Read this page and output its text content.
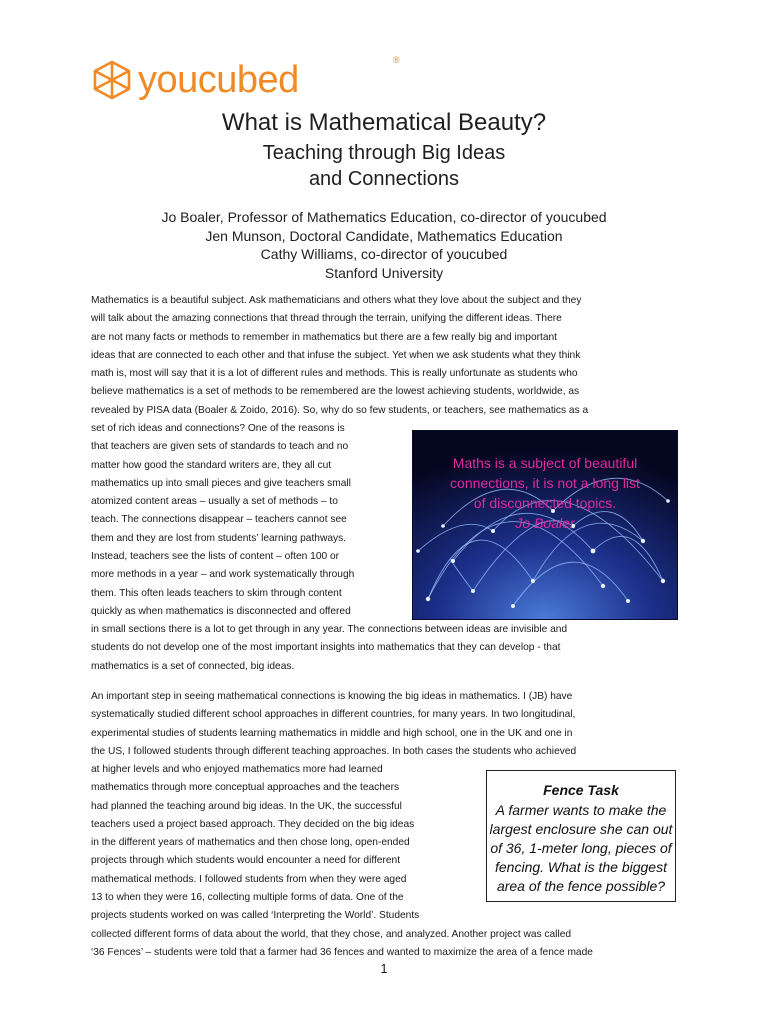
youcubed	®
What is Mathematical Beauty?
Teaching through Big Ideas
and Connections
Jo Boaler, Professor of Mathematics Education, co-director of youcubed
Jen Munson, Doctoral Candidate, Mathematics Education
Cathy Williams, co-director of youcubed
Stanford University
Mathematics is a beautiful subject. Ask mathematicians and others what they love about the subject and they
will talk about the amazing connections that thread through the terrain, unifying the different ideas. There
are not many facts or methods to remember in mathematics but there are a few really big and important
ideas that are connected to each other and that infuse the subject. Yet when we ask students what they think
math is, most will say that it is a lot of different rules and methods. This is really unfortunate as students who
believe mathematics is a set of methods to be remembered are the lowest achieving students, worldwide, as
revealed by PISA data (Boaler & Zoido, 2016). So, why do so few students, or teachers, see mathematics as a
set of rich ideas and connections? One of the reasons is
that teachers are given sets of standards to teach and no
matter how good the standard writers are, they all cut
mathematics up into small pieces and give teachers small
atomized content areas – usually a set of methods – to
teach. The connections disappear – teachers cannot see
them and they are lost from students’ learning pathways.
Instead, teachers see the lists of content – often 100 or
more methods in a year – and work systematically through
them. This often leads teachers to skim through content
quickly as when mathematics is disconnected and offered
in small sections there is a lot to get through in any year. The connections between ideas are invisible and
students do not develop one of the most important insights into mathematics that they can develop - that
mathematics is a set of connected, big ideas.
Maths is a subject of beautiful
connections, it is not a long list
of disconnected topics.
Jo Boaler
An important step in seeing mathematical connections is knowing the big ideas in mathematics. I (JB) have
systematically studied different school approaches in different countries, for many years. In two longitudinal,
experimental studies of students learning mathematics in middle and high school, one in the UK and one in
the US, I followed students through different teaching approaches. In both cases the students who achieved
at higher levels and who enjoyed mathematics more had learned
mathematics through more conceptual approaches and the teachers
had planned the teaching around big ideas. In the UK, the successful
teachers used a project based approach. They decided on the big ideas
in the different years of mathematics and then chose long, open-ended
projects through which students would encounter a need for different
mathematical methods. I followed students from when they were aged
13 to when they were 16, collecting multiple forms of data. One of the
projects students worked on was called ‘Interpreting the World’. Students
collected different forms of data about the world, that they chose, and analyzed. Another project was called
‘36 Fences’ – students were told that a farmer had 36 fences and wanted to maximize the area of a fence made
Fence Task
A farmer wants to make the
largest enclosure she can out
of 36, 1-meter long, pieces of
fencing. What is the biggest
area of the fence possible?
1
